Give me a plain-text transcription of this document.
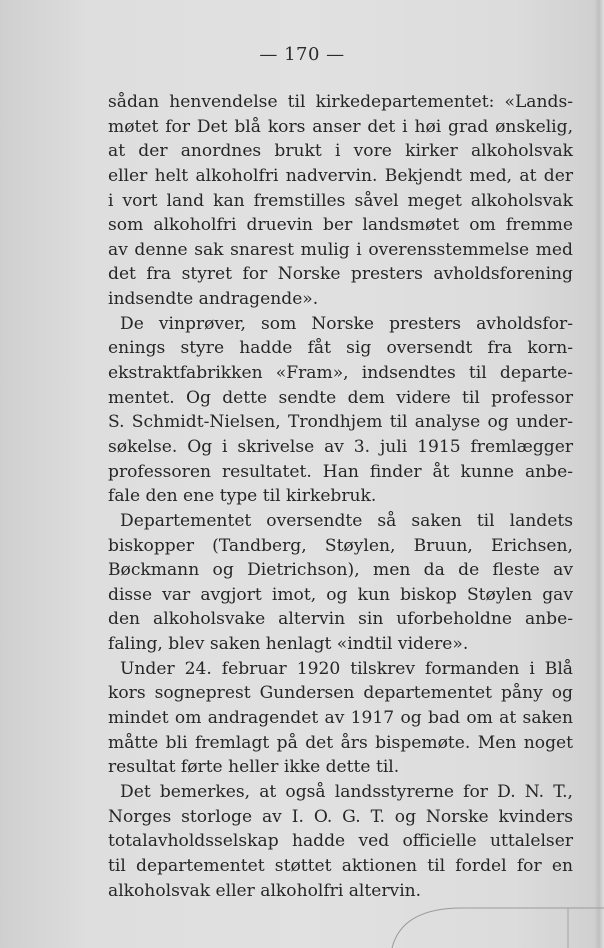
— 170 —
sådan henvendelse til kirkedepartementet: «Lands-
møtet for Det blå kors anser det i høi grad ønskelig,
at der anordnes brukt i vore kirker alkoholsvak
eller helt alkoholfri nadvervin. Bekjendt med, at der
i vort land kan fremstilles såvel meget alkoholsvak
som alkoholfri druevin ber landsmøtet om fremme
av denne sak snarest mulig i overensstemmelse med
det fra styret for Norske presters avholdsforening
indsendte andragende».
De vinprøver, som Norske presters avholdsfor-
enings styre hadde fåt sig oversendt fra korn-
ekstraktfabrikken «Fram», indsendtes til departe-
mentet. Og dette sendte dem videre til professor
S. Schmidt-Nielsen, Trondhjem til analyse og under-
søkelse. Og i skrivelse av 3. juli 1915 fremlægger
professoren resultatet. Han finder åt kunne anbe-
fale den ene type til kirkebruk.
Departementet oversendte så saken til landets
biskopper (Tandberg, Støylen, Bruun, Erichsen,
Bøckmann og Dietrichson), men da de fleste av
disse var avgjort imot, og kun biskop Støylen gav
den alkoholsvake altervin sin uforbeholdne anbe-
faling, blev saken henlagt «indtil videre».
Under 24. februar 1920 tilskrev formanden i Blå
kors sogneprest Gundersen departementet påny og
mindet om andragendet av 1917 og bad om at saken
måtte bli fremlagt på det års bispemøte. Men noget
resultat førte heller ikke dette til.
Det bemerkes, at også landsstyrerne for D. N. T.,
Norges storloge av I. O. G. T. og Norske kvinders
totalavholdsselskap hadde ved officielle uttalelser
til departementet støttet aktionen til fordel for en
alkoholsvak eller alkoholfri altervin.
